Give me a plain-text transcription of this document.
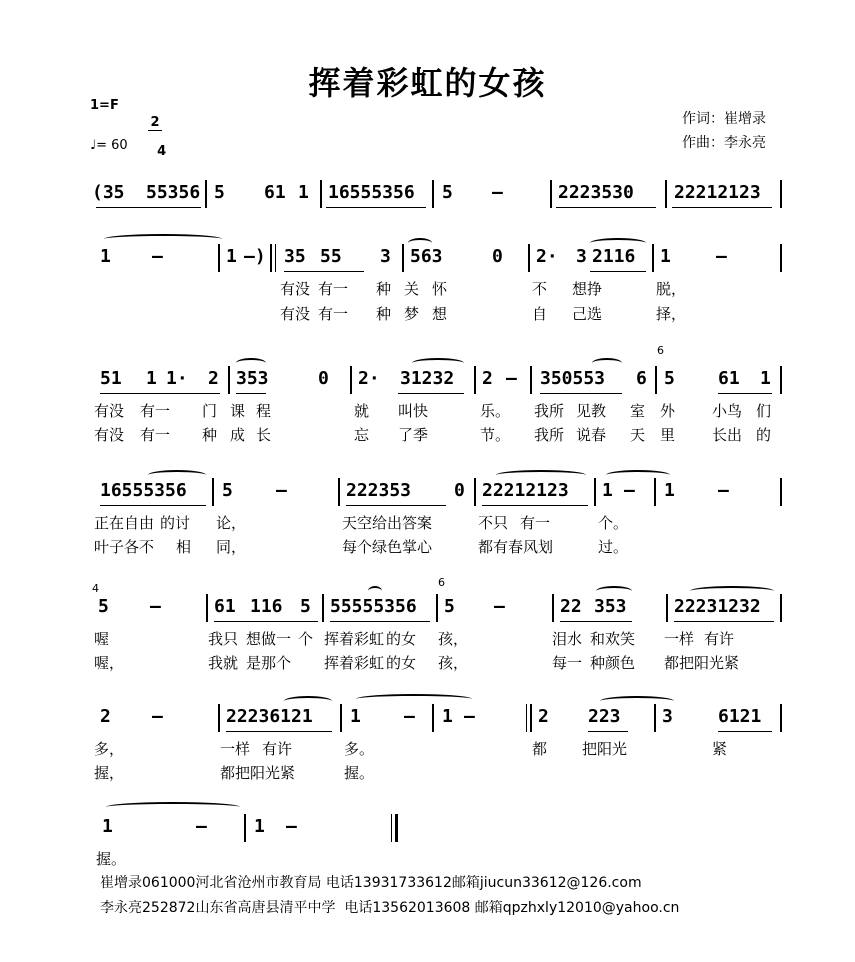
挥着彩虹的女孩
1=F

2

4

♩= 60
作词：崔增录
作曲：李永亮
(35 55356 5 61 1 16555356 5 –	2223530 22212123
1 –	1 –) 35 55 3 563	0 2· 3 2116 1	–
有没 有一 种 关 怀	不 想挣	脱，
有没 有一 种 梦 想	自 己选	择，
51 1 1· 2 353	0 2· 31232 2 – 350553 6
6
5 61 1
有没 有一 门 课 程	就 叫快	乐。 我所 见教 室 外 小鸟 们
有没 有一 种 成 长	忘 了季	节。 我所 说春 天 里 长出 的
16555356 5 –	222353 0 22212123 1 – 1 –
正在自由 的讨 论，	天空给出答案	不只 有一	个。
叶子各不 相 同，	每个绿色掌心	都有春风划	过。
4
5 –	61 116 5 55555356
6
5 –	22 353	22231232
喔	我只 想做一 个 挥着彩虹 的女 孩，	泪水 和欢笑 一样 有许
喔，	我就 是那个 挥着彩虹 的女 孩，	每一 种颜色 都把阳光紧
2 –	22236121 1 – 1 –	2 223 3	6121
多，	一样 有许	多。	都 把阳光	紧
握，	都把阳光紧	握。
1	–	1 –
握。
崔增录061000河北省沧州市教育局 电话13931733612邮箱jiucun33612@126.com
李永亮252872山东省高唐县清平中学  电话13562013608 邮箱qpzhxly12010@yahoo.cn
